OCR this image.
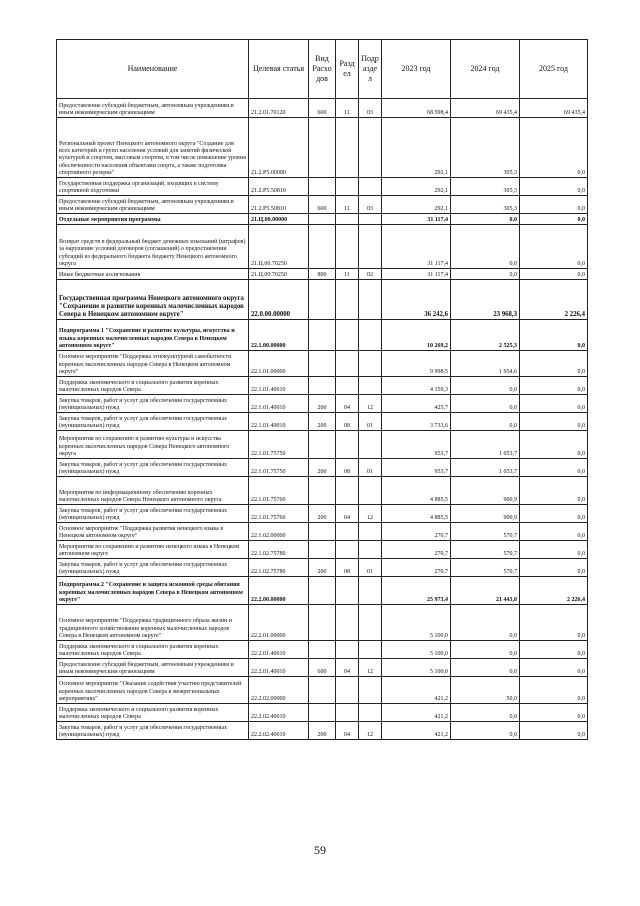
Наименование	Целевая статья	Вид Расхо дов	Разд ел	Подр азде л	2023 год	2024 год	2025 год
Предоставление субсидий бюджетным, автономным учреждениям и иным некоммерческим организациям	21.2.01.70120	600	11	03	68 598,4	69 435,4	69 435,4
Региональный проект Ненецкого автономного округа "Создание для всех категорий и групп населения условий для занятий физической культурой и спортом, массовым спортом, в том числе повышение уровня обеспеченности населения объектами спорта, а также подготовка спортивного резерва"	21.2.Р5.00000				292,1	305,3	0,0
Государственная поддержка организаций, входящих в систему спортивной подготовки	21.2.Р5.50810				292,1	305,3	0,0
Предоставление субсидий бюджетным, автономным учреждениям и иным некоммерческим организациям	21.2.Р5.50810	600	11	03	292,1	305,3	0,0
Отдельные мероприятия программы	21.Ц.00.00000				31 117,4	0,0	0,0
Возврат средств в федеральный бюджет денежных взысканий (штрафов) за нарушение условий договоров (соглашений) о предоставлении субсидий из федерального бюджета бюджету Ненецкого автономного округа	21.Ц.00.70250				31 117,4	0,0	0,0
Иные бюджетные ассигнования	21.Ц.00.70250	800	11	02	31 117,4	0,0	0,0
Государственная программа Ненецкого автономного округа "Сохранение и развитие коренных малочисленных народов Севера в Ненецком автономном округе"	22.0.00.00000				36 242,6	23 968,3	2 226,4
Подпрограмма 1 "Сохранение и развитие культуры, искусства и языка коренных малочисленных народов Севера в Ненецком автономном округе"	22.1.00.00000				10 269,2	2 525,3	0,0
Основное мероприятие "Поддержка этнокультурной самобытности коренных малочисленных народов Севера в Ненецком автономном округе"	22.1.01.00000				9 998,5	1 954,6	0,0
Поддержка экономического и социального развития коренных малочисленных народов Севера	22.1.01.40010				4 159,3	0,0	0,0
Закупка товаров, работ и услуг для обеспечения государственных (муниципальных) нужд	22.1.01.40010	200	04	12	425,7	0,0	0,0
Закупка товаров, работ и услуг для обеспечения государственных (муниципальных) нужд	22.1.01.40010	200	08	01	3 733,6	0,0	0,0
Мероприятия по сохранению и развитию культуры и искусства коренных малочисленных народов Севера Ненецкого автономного округа	22.1.01.75750				953,7	1 053,7	0,0
Закупка товаров, работ и услуг для обеспечения государственных (муниципальных) нужд	22.1.01.75750	200	08	01	953,7	1 053,7	0,0
Мероприятия по информационному обеспечению коренных малочисленных народов Севера Ненецкого автономного округа	22.1.01.75760				4 885,5	900,9	0,0
Закупка товаров, работ и услуг для обеспечения государственных (муниципальных) нужд	22.1.01.75760	200	04	12	4 885,5	900,9	0,0
Основное мероприятие "Поддержка развития ненецкого языка в Ненецком автономном округе"	22.1.02.00000				270,7	570,7	0,0
Мероприятия по сохранению и развитию ненецкого языка в Ненецком автономном округе	22.1.02.75780				270,7	570,7	0,0
Закупка товаров, работ и услуг для обеспечения государственных (муниципальных) нужд	22.1.02.75780	200	08	01	270,7	570,7	0,0
Подпрограмма 2 "Сохранение и защита исконной среды обитания коренных малочисленных народов Севера в Ненецком автономном округе"	22.2.00.00000				25 973,4	21 443,0	2 226,4
Основное мероприятие "Поддержка традиционного образа жизни и традиционного хозяйствования коренных малочисленных народов Севера в Ненецком автономном округе"	22.2.01.00000				5 100,0	0,0	0,0
Поддержка экономического и социального развития коренных малочисленных народов Севера	22.2.01.40010				5 100,0	0,0	0,0
Предоставление субсидий бюджетным, автономным учреждениям и иным некоммерческим организациям	22.2.01.40010	600	04	12	5 100,0	0,0	0,0
Основное мероприятие "Оказание содействия участию представителей коренных малочисленных народов Севера в межрегиональных мероприятиях"	22.2.02.00000				421,2	50,0	0,0
Поддержка экономического и социального развития коренных малочисленных народов Севера	22.2.02.40010				421,2	0,0	0,0
Закупка товаров, работ и услуг для обеспечения государственных (муниципальных) нужд	22.2.02.40010	200	04	12	421,2	0,0	0,0
59
